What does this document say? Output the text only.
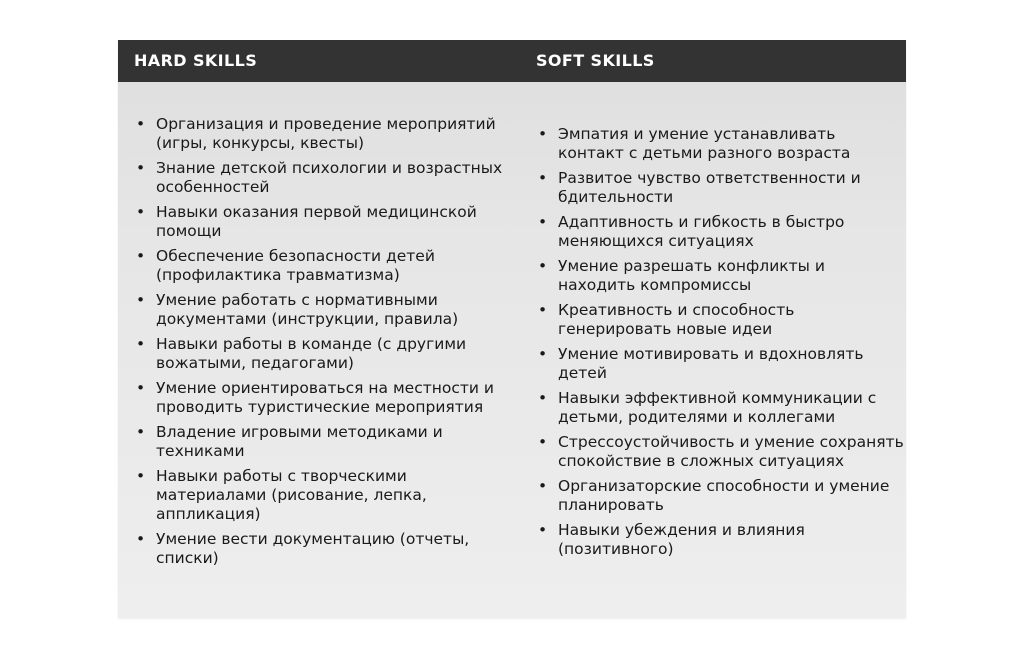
HARD SKILLS	SOFT SKILLS
• Организация и проведение мероприятий (игры, конкурсы, квесты)
• Знание детской психологии и возрастных особенностей
• Навыки оказания первой медицинской помощи
• Обеспечение безопасности детей (профилактика травматизма)
• Умение работать с нормативными документами (инструкции, правила)
• Навыки работы в команде (с другими вожатыми, педагогами)
• Умение ориентироваться на местности и проводить туристические мероприятия
• Владение игровыми методиками и техниками
• Навыки работы с творческими материалами (рисование, лепка, аппликация)
• Умение вести документацию (отчеты, списки)
• Эмпатия и умение устанавливать контакт с детьми разного возраста
• Развитое чувство ответственности и бдительности
• Адаптивность и гибкость в быстро меняющихся ситуациях
• Умение разрешать конфликты и находить компромиссы
• Креативность и способность генерировать новые идеи
• Умение мотивировать и вдохновлять детей
• Навыки эффективной коммуникации с детьми, родителями и коллегами
• Стрессоустойчивость и умение сохранять спокойствие в сложных ситуациях
• Организаторские способности и умение планировать
• Навыки убеждения и влияния (позитивного)
